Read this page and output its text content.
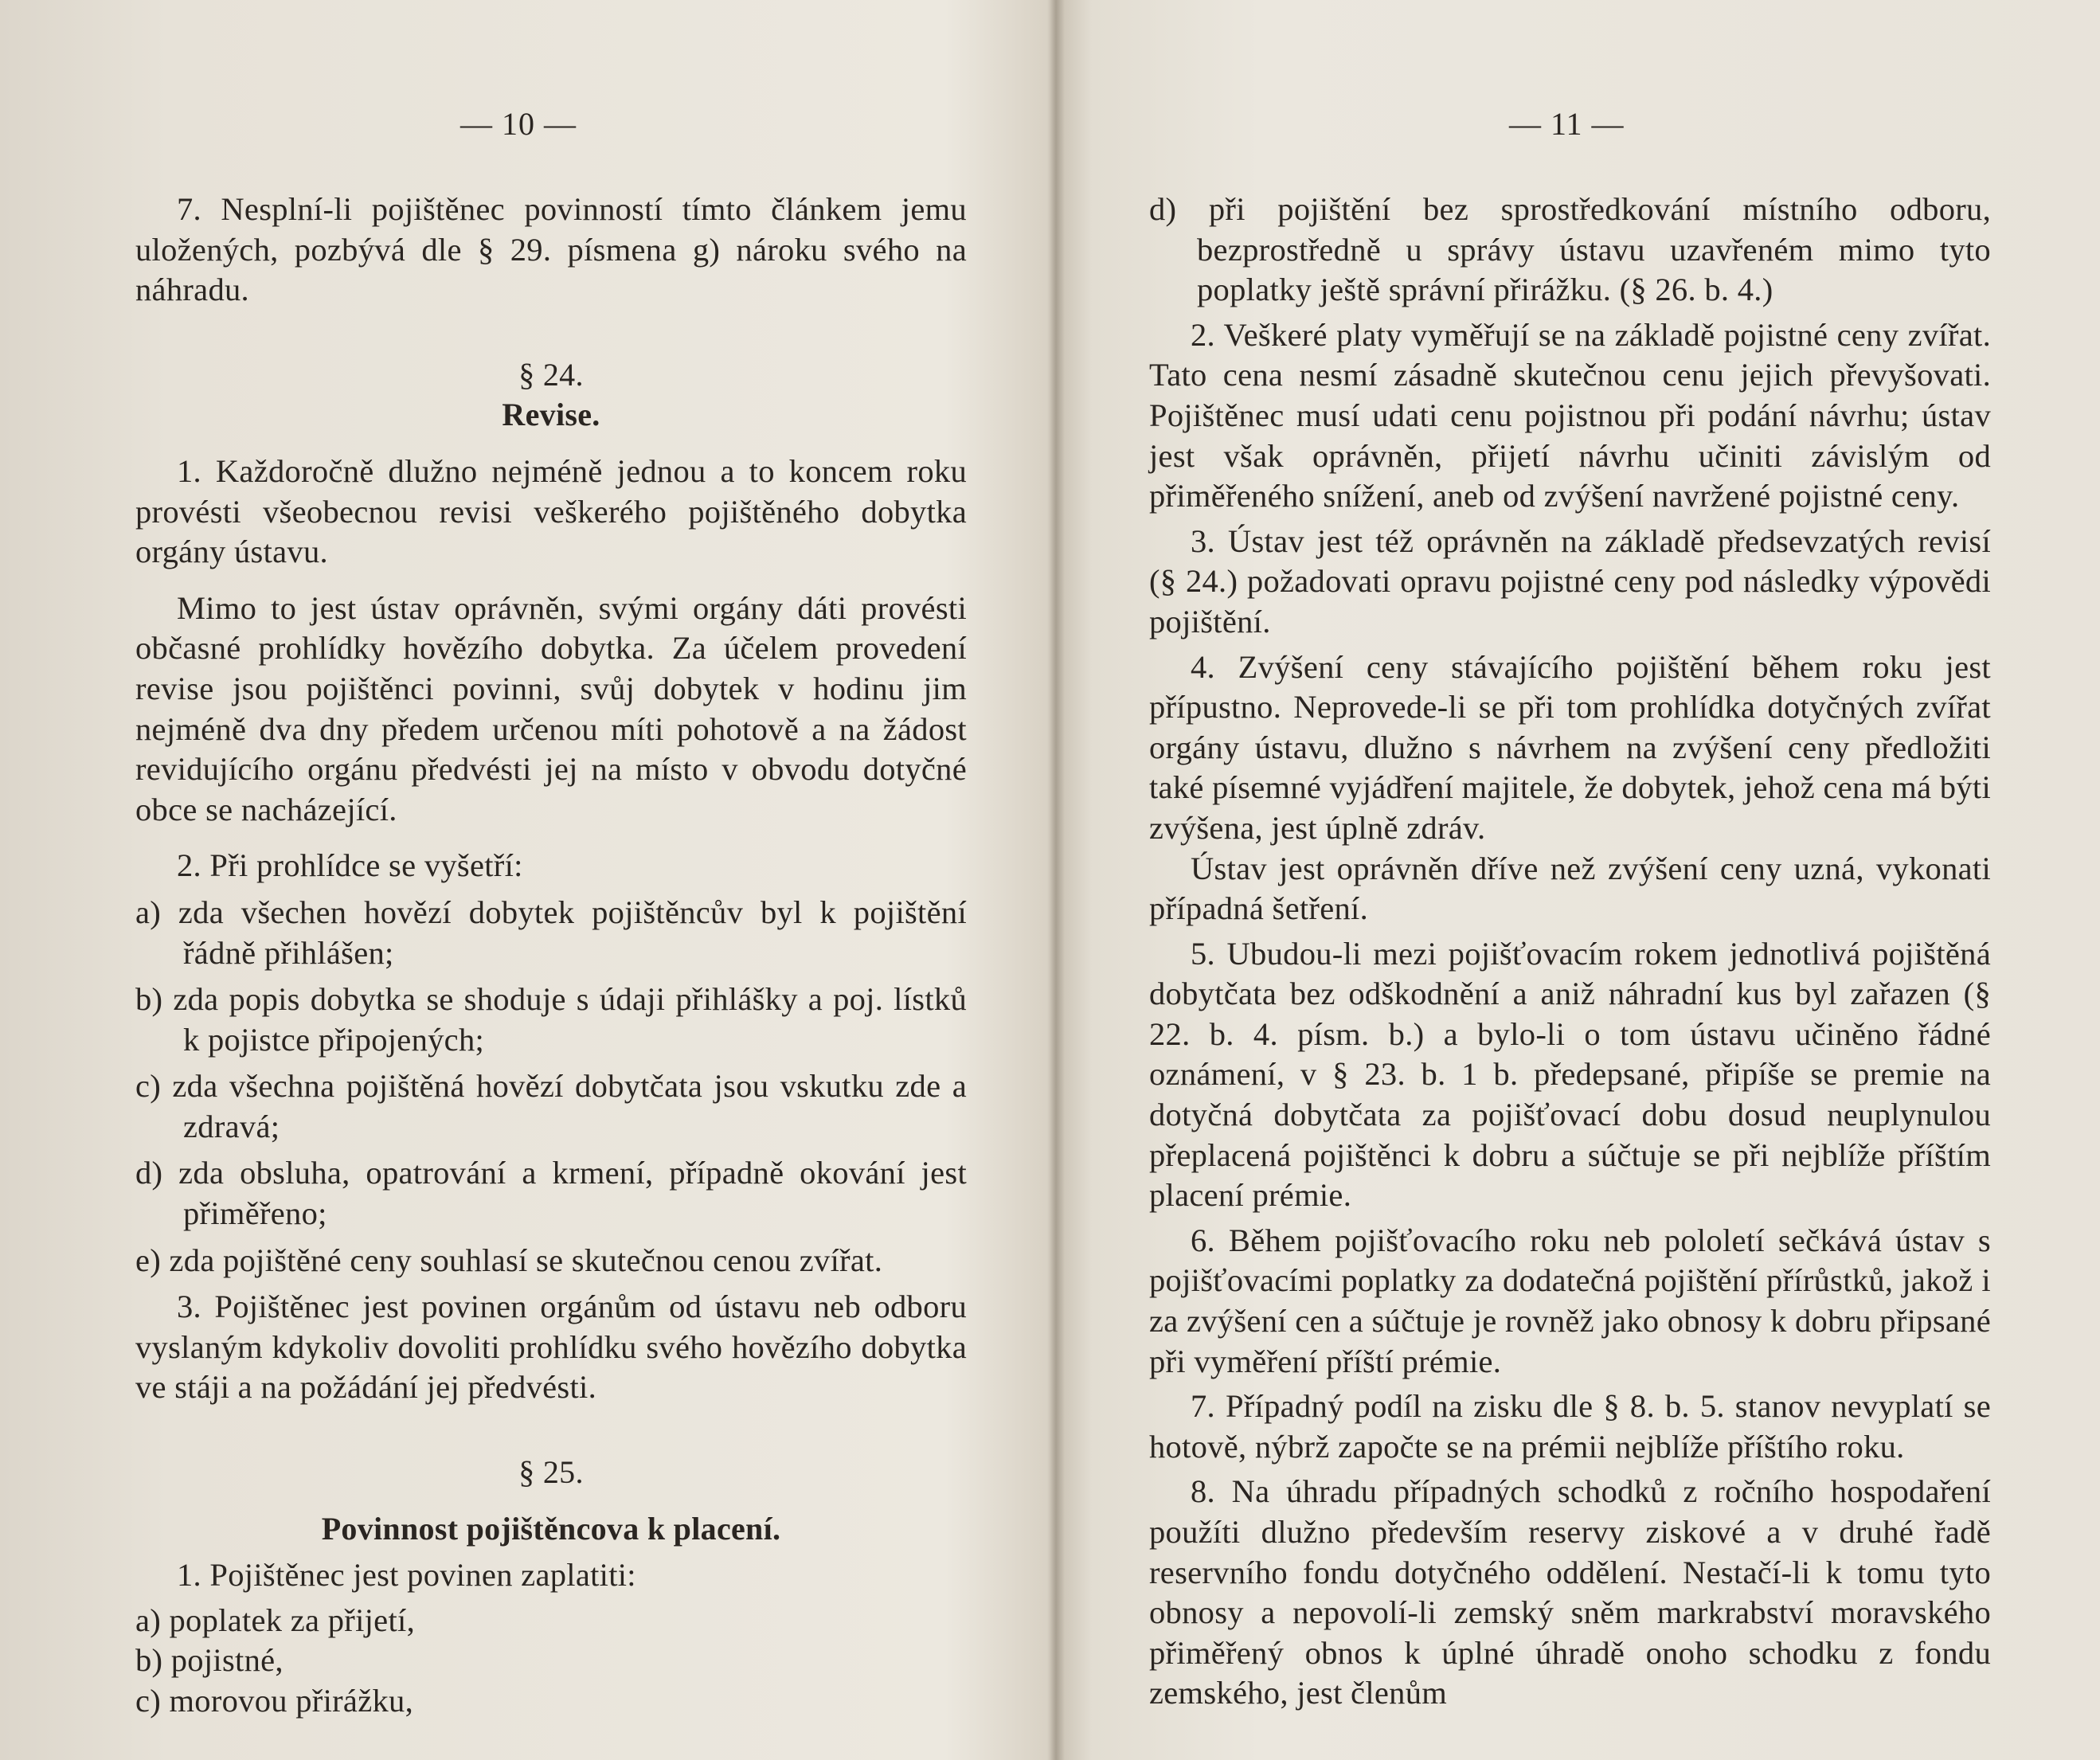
— 10 —

7. Nesplní-li pojištěnec povinností tímto článkem jemu uložených, pozbývá dle § 29. písmena g) nároku svého na náhradu.

§ 24.

Revise.

1. Každoročně dlužno nejméně jednou a to koncem roku provésti všeobecnou revisi veškerého pojištěného dobytka orgány ústavu.

Mimo to jest ústav oprávněn, svými orgány dáti provésti občasné prohlídky hovězího dobytka. Za účelem provedení revise jsou pojištěnci povinni, svůj dobytek v hodinu jim nejméně dva dny předem určenou míti pohotově a na žádost revidujícího orgánu předvésti jej na místo v obvodu dotyčné obce se nacházející.

2. Při prohlídce se vyšetří:

a) zda všechen hovězí dobytek pojištěncův byl k pojištění řádně přihlášen;

b) zda popis dobytka se shoduje s údaji přihlášky a poj. lístků k pojistce připojených;

c) zda všechna pojištěná hovězí dobytčata jsou vskutku zde a zdravá;

d) zda obsluha, opatrování a krmení, případně okování jest přiměřeno;

e) zda pojištěné ceny souhlasí se skutečnou cenou zvířat.

3. Pojištěnec jest povinen orgánům od ústavu neb odboru vyslaným kdykoliv dovoliti prohlídku svého hovězího dobytka ve stáji a na požádání jej předvésti.

§ 25.

Povinnost pojištěncova k placení.

1. Pojištěnec jest povinen zaplatiti:

a) poplatek za přijetí,

b) pojistné,

c) morovou přirážku,

— 11 —

d) při pojištění bez sprostředkování místního odboru, bezprostředně u správy ústavu uzavřeném mimo tyto poplatky ještě správní přirážku. (§ 26. b. 4.)

2. Veškeré platy vyměřují se na základě pojistné ceny zvířat. Tato cena nesmí zásadně skutečnou cenu jejich převyšovati. Pojištěnec musí udati cenu pojistnou při podání návrhu; ústav jest však oprávněn, přijetí návrhu učiniti závislým od přiměřeného snížení, aneb od zvýšení navržené pojistné ceny.

3. Ústav jest též oprávněn na základě předsevzatých revisí (§ 24.) požadovati opravu pojistné ceny pod následky výpovědi pojištění.

4. Zvýšení ceny stávajícího pojištění během roku jest přípustno. Neprovede-li se při tom prohlídka dotyčných zvířat orgány ústavu, dlužno s návrhem na zvýšení ceny předložiti také písemné vyjádření majitele, že dobytek, jehož cena má býti zvýšena, jest úplně zdráv.

Ústav jest oprávněn dříve než zvýšení ceny uzná, vykonati případná šetření.

5. Ubudou-li mezi pojišťovacím rokem jednotlivá pojištěná dobytčata bez odškodnění a aniž náhradní kus byl zařazen (§ 22. b. 4. písm. b.) a bylo-li o tom ústavu učiněno řádné oznámení, v § 23. b. 1 b. předepsané, připíše se premie na dotyčná dobytčata za pojišťovací dobu dosud neuplynulou přeplacená pojištěnci k dobru a súčtuje se při nejblíže příštím placení prémie.

6. Během pojišťovacího roku neb pololetí sečkává ústav s pojišťovacími poplatky za dodatečná pojištění přírůstků, jakož i za zvýšení cen a súčtuje je rovněž jako obnosy k dobru připsané při vyměření příští prémie.

7. Případný podíl na zisku dle § 8. b. 5. stanov nevyplatí se hotově, nýbrž započte se na prémii nejblíže příštího roku.

8. Na úhradu případných schodků z ročního hospodaření použíti dlužno především reservy ziskové a v druhé řadě reservního fondu dotyčného oddělení. Nestačí-li k tomu tyto obnosy a nepovolí-li zemský sněm markrabství moravského přiměřený obnos k úplné úhradě onoho schodku z fondu zemského, jest členům
